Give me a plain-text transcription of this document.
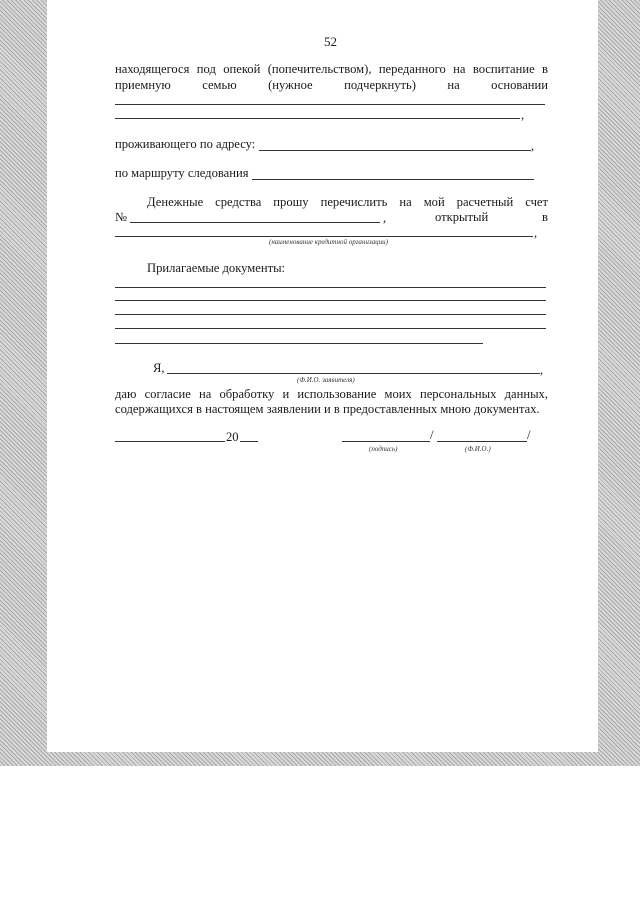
52
находящегося под опекой (попечительством), переданного на воспитание в
приемную семью (нужное подчеркнуть) на основании
,
проживающего по адресу:	,
по маршруту следования
Денежные средства прошу перечислить на мой расчетный счет
№	,	открытый в
,
(наименование кредитной организации)
Прилагаемые документы:
Я,	,
(Ф.И.О. заявителя)
даю согласие на обработку и использование моих персональных данных,
содержащихся в настоящем заявлении и в предоставленных мною документах.
20	/	/
(подпись)	(Ф.И.О.)
